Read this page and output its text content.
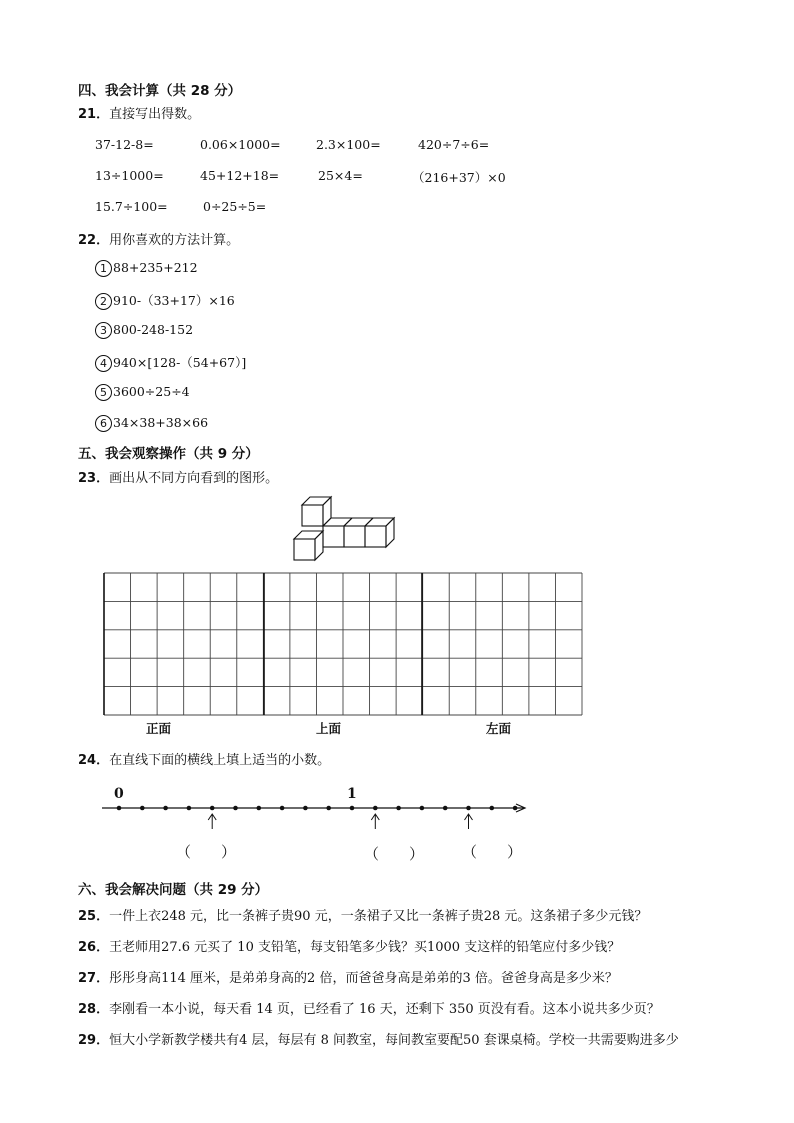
四、我会计算（共 28 分）
21．直接写出得数。
37-12-8=	0.06×1000=	2.3×100=	420÷7÷6=
13÷1000=	45+12+18=	25×4=	（216+37）×0
15.7÷100=	0÷25÷5=
22．用你喜欢的方法计算。
1 88+235+212
2 910-（33+17）×16
3 800-248-152
4 940×[128-（54+67）]
5 3600÷25÷4
6 34×38+38×66
五、我会观察操作（共 9 分）
23．画出从不同方向看到的图形。
正面	上面	左面
24．在直线下面的横线上填上适当的小数。
0	1
（　　）	（　　）	（　　）
六、我会解决问题（共 29 分）
25．一件上衣248 元，比一条裤子贵90 元，一条裙子又比一条裤子贵28 元。这条裙子多少元钱？
26．王老师用27.6 元买了 10 支铅笔，每支铅笔多少钱？买1000 支这样的铅笔应付多少钱？
27．彤彤身高114 厘米，是弟弟身高的2 倍，而爸爸身高是弟弟的3 倍。爸爸身高是多少米？
28．李刚看一本小说，每天看 14 页，已经看了 16 天，还剩下 350 页没有看。这本小说共多少页？
29．恒大小学新教学楼共有4 层，每层有 8 间教室，每间教室要配50 套课桌椅。学校一共需要购进多少
